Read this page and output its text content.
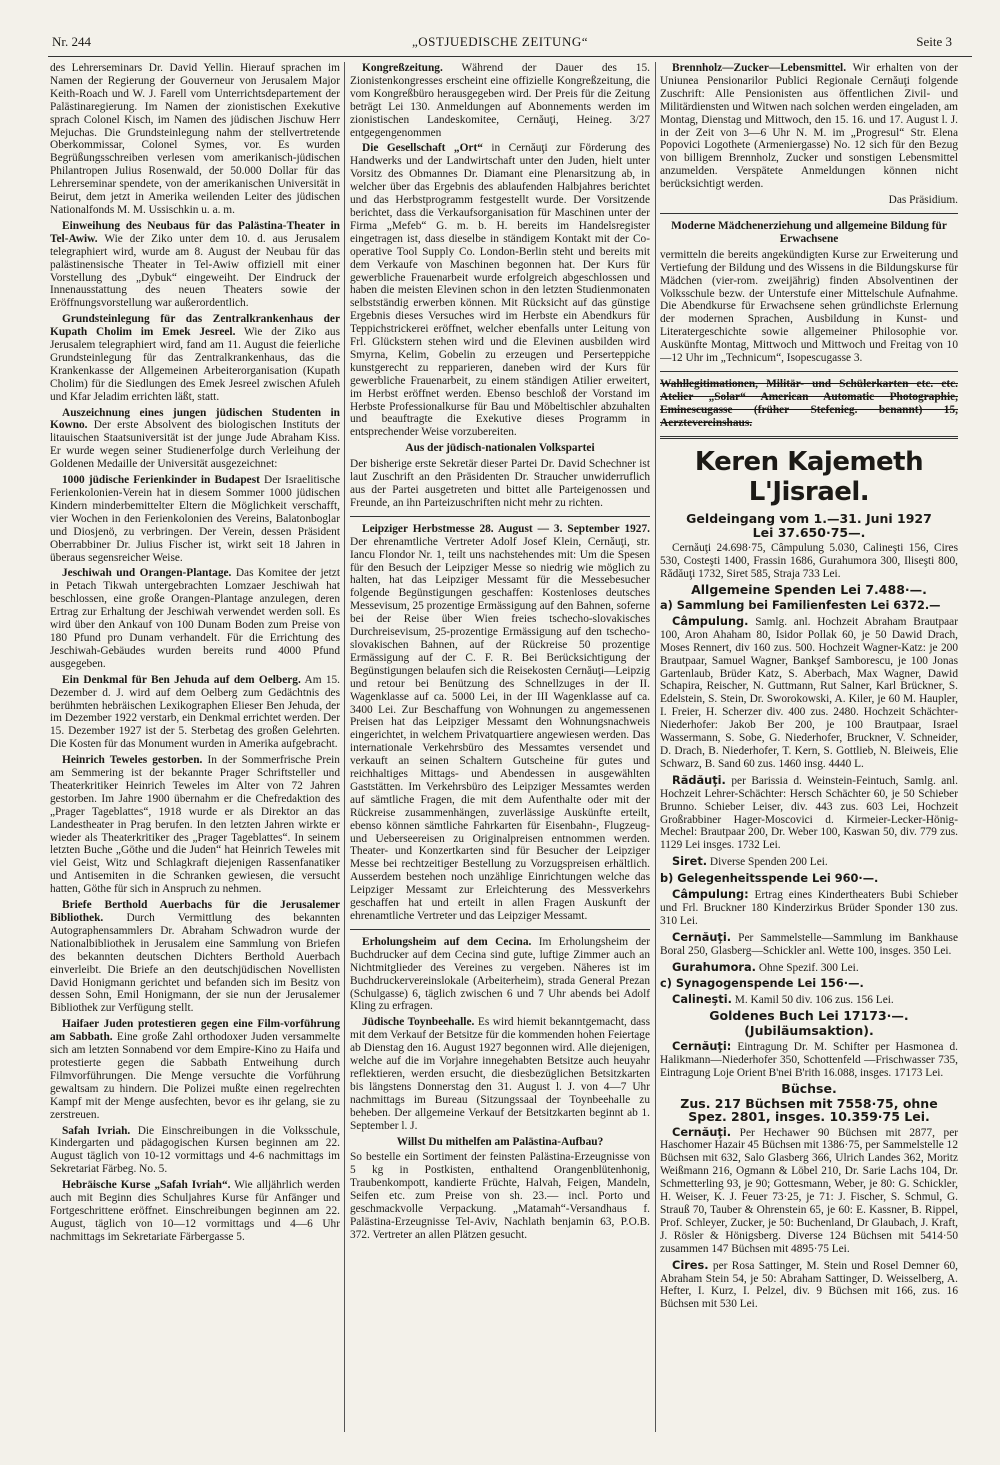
Nr. 244	„OSTJUEDISCHE ZEITUNG“	Seite 3

des Lehrerseminars Dr. David Yellin. Hierauf sprachen im Namen der Regierung der Gouverneur von Jerusalem Major Keith-Roach und W. J. Farell vom Unterrichtsdepartement der Palästinaregierung. Im Namen der zionistischen Exekutive sprach Colonel Kisch, im Namen des jüdischen Jischuw Herr Mejuchas. Die Grundsteinlegung nahm der stellvertretende Oberkommissar, Colonel Symes, vor. Es wurden Begrüßungsschreiben verlesen vom amerikanisch-jüdischen Philantropen Julius Rosenwald, der 50.000 Dollar für das Lehrerseminar spendete, von der amerikanischen Universität in Beirut, dem jetzt in Amerika weilenden Leiter des jüdischen Nationalfonds M. M. Ussischkin u. a. m.

Einweihung des Neubaus für das Palästina-Theater in Tel-Awiw. Wie der Ziko unter dem 10. d. aus Jerusalem telegraphiert wird, wurde am 8. August der Neubau für das palästinensische Theater in Tel-Awiw offiziell mit einer Vorstellung des „Dybuk“ eingeweiht. Der Eindruck der Innenausstattung des neuen Theaters sowie der Eröffnungsvorstellung war außerordentlich.

Grundsteinlegung für das Zentralkrankenhaus der Kupath Cholim im Emek Jesreel. Wie der Ziko aus Jerusalem telegraphiert wird, fand am 11. August die feierliche Grundsteinlegung für das Zentralkrankenhaus, das die Krankenkasse der Allgemeinen Arbeiterorganisation (Kupath Cholim) für die Siedlungen des Emek Jesreel zwischen Afuleh und Kfar Jeladim errichten läßt, statt.

Auszeichnung eines jungen jüdischen Studenten in Kowno. Der erste Absolvent des biologischen Instituts der litauischen Staatsuniversität ist der junge Jude Abraham Kiss. Er wurde wegen seiner Studienerfolge durch Verleihung der Goldenen Medaille der Universität ausgezeichnet:

1000 jüdische Ferienkinder in Budapest Der Israelitische Ferienkolonien-Verein hat in diesem Sommer 1000 jüdischen Kindern minderbemittelter Eltern die Möglichkeit verschafft, vier Wochen in den Ferienkolonien des Vereins, Balatonboglar und Diosjenö, zu verbringen. Der Verein, dessen Präsident Oberrabbiner Dr. Julius Fischer ist, wirkt seit 18 Jahren in überaus segensreicher Weise.

Jeschiwah und Orangen-Plantage. Das Komitee der jetzt in Petach Tikwah untergebrachten Lomzaer Jeschiwah hat beschlossen, eine große Orangen-Plantage anzulegen, deren Ertrag zur Erhaltung der Jeschiwah verwendet werden soll. Es wird über den Ankauf von 100 Dunam Boden zum Preise von 180 Pfund pro Dunam verhandelt. Für die Errichtung des Jeschiwah-Gebäudes wurden bereits rund 4000 Pfund ausgegeben.

Ein Denkmal für Ben Jehuda auf dem Oelberg. Am 15. Dezember d. J. wird auf dem Oelberg zum Gedächtnis des berühmten hebräischen Lexikographen Elieser Ben Jehuda, der im Dezember 1922 verstarb, ein Denkmal errichtet werden. Der 15. Dezember 1927 ist der 5. Sterbetag des großen Gelehrten. Die Kosten für das Monument wurden in Amerika aufgebracht.

Heinrich Teweles gestorben. In der Sommerfrische Prein am Semmering ist der bekannte Prager Schriftsteller und Theaterkritiker Heinrich Teweles im Alter von 72 Jahren gestorben. Im Jahre 1900 übernahm er die Chefredaktion des „Prager Tageblattes“, 1918 wurde er als Direktor an das Landestheater in Prag berufen. In den letzten Jahren wirkte er wieder als Theaterkritiker des „Prager Tageblattes“. In seinem letzten Buche „Göthe und die Juden“ hat Heinrich Teweles mit viel Geist, Witz und Schlagkraft diejenigen Rassenfanatiker und Antisemiten in die Schranken gewiesen, die versucht hatten, Göthe für sich in Anspruch zu nehmen.

Briefe Berthold Auerbachs für die Jerusalemer Bibliothek. Durch Vermittlung des bekannten Autographensammlers Dr. Abraham Schwadron wurde der Nationalbibliothek in Jerusalem eine Sammlung von Briefen des bekannten deutschen Dichters Berthold Auerbach einverleibt. Die Briefe an den deutschjüdischen Novellisten David Honigmann gerichtet und befanden sich im Besitz von dessen Sohn, Emil Honigmann, der sie nun der Jerusalemer Bibliothek zur Verfügung stellt.

Haifaer Juden protestieren gegen eine Film-vorführung am Sabbath. Eine große Zahl orthodoxer Juden versammelte sich am letzten Sonnabend vor dem Empire-Kino zu Haifa und protestierte gegen die Sabbath Entweihung durch Filmvorführungen. Die Menge versuchte die Vorführung gewaltsam zu hindern. Die Polizei mußte einen regelrechten Kampf mit der Menge ausfechten, bevor es ihr gelang, sie zu zerstreuen.

Safah Ivriah. Die Einschreibungen in die Volksschule, Kindergarten und pädagogischen Kursen beginnen am 22. August täglich von 10-12 vormittags und 4-6 nachmittags im Sekretariat Färbeg. No. 5.

Hebräische Kurse „Safah Ivriah“. Wie alljährlich werden auch mit Beginn dies Schuljahres Kurse für Anfänger und Fortgeschrittene eröffnet. Einschreibungen beginnen am 22. August, täglich von 10—12 vormittags und 4—6 Uhr nachmittags im Sekretariate Färbergasse 5.

Kongreßzeitung. Während der Dauer des 15. Zionistenkongresses erscheint eine offizielle Kongreßzeitung, die vom Kongreßbüro herausgegeben wird. Der Preis für die Zeitung beträgt Lei 130. Anmeldungen auf Abonnements werden im zionistischen Landeskomitee, Cernăuţi, Heineg. 3/27 entgegengenommen

Die Gesellschaft „Ort“ in Cernăuţi zur Förderung des Handwerks und der Landwirtschaft unter den Juden, hielt unter Vorsitz des Obmannes Dr. Diamant eine Plenarsitzung ab, in welcher über das Ergebnis des ablaufenden Halbjahres berichtet und das Herbstprogramm festgestellt wurde. Der Vorsitzende berichtet, dass die Verkaufsorganisation für Maschinen unter der Firma „Mefeb“ G. m. b. H. bereits im Handelsregister eingetragen ist, dass dieselbe in ständigem Kontakt mit der Co-operative Tool Supply Co. London-Berlin steht und bereits mit dem Verkaufe von Maschinen begonnen hat. Der Kurs für gewerbliche Frauenarbeit wurde erfolgreich abgeschlossen und haben die meisten Elevinen schon in den letzten Studienmonaten selbstständig erwerben können. Mit Rücksicht auf das günstige Ergebnis dieses Versuches wird im Herbste ein Abendkurs für Teppichstrickerei eröffnet, welcher ebenfalls unter Leitung von Frl. Glückstern stehen wird und die Elevinen ausbilden wird Smyrna, Kelim, Gobelin zu erzeugen und Perserteppiche kunstgerecht zu repparieren, daneben wird der Kurs für gewerbliche Frauenarbeit, zu einem ständigen Atilier erweitert, im Herbst eröffnet werden. Ebenso beschloß der Vorstand im Herbste Professionalkurse für Bau und Möbeltischler abzuhalten und beauftragte die Exekutive dieses Programm in entsprechender Weise vorzubereiten.

Aus der jüdisch-nationalen Volkspartei

Der bisherige erste Sekretär dieser Partei Dr. David Schechner ist laut Zuschrift an den Präsidenten Dr. Straucher unwiderruflich aus der Partei ausgetreten und bittet alle Parteigenossen und Freunde, an ihn Parteizuschriften nicht mehr zu richten.

Leipziger Herbstmesse 28. August — 3. September 1927. Der ehrenamtliche Vertreter Adolf Josef Klein, Cernăuţi, str. Iancu Flondor Nr. 1, teilt uns nachstehendes mit: Um die Spesen für den Besuch der Leipziger Messe so niedrig wie möglich zu halten, hat das Leipziger Messamt für die Messebesucher folgende Begünstigungen geschaffen: Kostenloses deutsches Messevisum, 25 prozentige Ermässigung auf den Bahnen, soferne bei der Reise über Wien freies tschecho-slovakisches Durchreisevisum, 25-prozentige Ermässigung auf den tschecho-slovakischen Bahnen, auf der Rückreise 50 prozentige Ermässigung auf der C. F. R. Bei Berücksichtigung der Begünstigungen belaufen sich die Reisekosten Cernăuţi—Leipzig und retour bei Benützung des Schnellzuges in der II. Wagenklasse auf ca. 5000 Lei, in der III Wagenklasse auf ca. 3400 Lei. Zur Beschaffung von Wohnungen zu angemessenen Preisen hat das Leipziger Messamt den Wohnungsnachweis eingerichtet, in welchem Privatquartiere angewiesen werden. Das internationale Verkehrsbüro des Messamtes versendet und verkauft an seinen Schaltern Gutscheine für gutes und reichhaltiges Mittags- und Abendessen in ausgewählten Gaststätten. Im Verkehrsbüro des Leipziger Messamtes werden auf sämtliche Fragen, die mit dem Aufenthalte oder mit der Rückreise zusammenhängen, zuverlässige Auskünfte erteilt, ebenso können sämtliche Fahrkarten für Eisenbahn-, Flugzeug- und Ueberseereisen zu Originalpreisen entnommen werden. Theater- und Konzertkarten sind für Besucher der Leipziger Messe bei rechtzeitiger Bestellung zu Vorzugspreisen erhältlich. Ausserdem bestehen noch unzählige Einrichtungen welche das Leipziger Messamt zur Erleichterung des Messverkehrs geschaffen hat und erteilt in allen Fragen Auskunft der ehrenamtliche Vertreter und das Leipziger Messamt.

Erholungsheim auf dem Cecina. Im Erholungsheim der Buchdrucker auf dem Cecina sind gute, luftige Zimmer auch an Nichtmitglieder des Vereines zu vergeben. Näheres ist im Buchdruckervereinslokale (Arbeiterheim), strada General Prezan (Schulgasse) 6, täglich zwischen 6 und 7 Uhr abends bei Adolf Kling zu erfragen.

Jüdische Toynbeehalle. Es wird hiemit bekanntgemacht, dass mit dem Verkauf der Betsitze für die kommenden hohen Feiertage ab Dienstag den 16. August 1927 begonnen wird. Alle diejenigen, welche auf die im Vorjahre innegehabten Betsitze auch heuyahr reflektieren, werden ersucht, die diesbezüglichen Betsitzkarten bis längstens Donnerstag den 31. August l. J. von 4—7 Uhr nachmittags im Bureau (Sitzungssaal der Toynbeehalle zu beheben. Der allgemeine Verkauf der Betsitzkarten beginnt ab 1. September l. J.

Willst Du mithelfen am Palästina-Aufbau?

So bestelle ein Sortiment der feinsten Palästina-Erzeugnisse von 5 kg in Postkisten, enthaltend Orangenblütenhonig, Traubenkompott, kandierte Früchte, Halvah, Feigen, Mandeln, Seifen etc. zum Preise von sh. 23.— incl. Porto und geschmackvolle Verpackung. „Matamah“-Versandhaus f. Palästina-Erzeugnisse Tel-Aviv, Nachlath benjamin 63, P.O.B. 372. Vertreter an allen Plätzen gesucht.

Brennholz—Zucker—Lebensmittel. Wir erhalten von der Uniunea Pensionarilor Publici Regionale Cernăuţi folgende Zuschrift: Alle Pensionisten aus öffentlichen Zivil- und Militärdiensten und Witwen nach solchen werden eingeladen, am Montag, Dienstag und Mittwoch, den 15. 16. und 17. August l. J. in der Zeit von 3—6 Uhr N. M. im „Progresul“ Str. Elena Popovici Logothete (Armeniergasse) No. 12 sich für den Bezug von billigem Brennholz, Zucker und sonstigen Lebensmittel anzumelden. Verspätete Anmeldungen können nicht berücksichtigt werden.

Das Präsidium.

Moderne Mädchenerziehung und allgemeine Bildung für Erwachsene

vermitteln die bereits angekündigten Kurse zur Erweiterung und Vertiefung der Bildung und des Wissens in die Bildungskurse für Mädchen (vier-rom. zweijährig) finden Absolventinen der Volksschule bezw. der Unterstufe einer Mittelschule Aufnahme. Die Abendkurse für Erwachsene sehen gründlichste Erlernung der modernen Sprachen, Ausbildung in Kunst- und Literatergeschichte sowie allgemeiner Philosophie vor. Auskünfte Montag, Mittwoch und Mittwoch und Freitag von 10—12 Uhr im „Technicum“, Isopescugasse 3.

Wahllegitimationen, Militär- und Schülerkarten etc. etc. Atelier „Solar“ American Automatic Photographie, Eminescugasse (früher Stefenieg. benannt) 15, Aerztevereinshaus.

Keren Kajemeth L'Jisrael.

Geldeingang vom 1.—31. Juni 1927

Lei 37.650·75—.

Cernăuţi 24.698·75, Câmpulung 5.030, Calineşti 156, Cires 530, Costeşti 1400, Frassin 1686, Gurahumora 300, Iliseşti 800, Rădăuţi 1732, Siret 585, Straja 733 Lei.

Allgemeine Spenden Lei 7.488·—.

a) Sammlung bei Familienfesten Lei 6372.—

Câmpulung. Samlg. anl. Hochzeit Abraham Brautpaar 100, Aron Ahaham 80, Isidor Pollak 60, je 50 Dawid Drach, Moses Rennert, div 160 zus. 500. Hochzeit Wagner-Katz: je 200 Brautpaar, Samuel Wagner, Bankşef Samborescu, je 100 Jonas Gartenlaub, Brüder Katz, S. Aberbach, Max Wagner, Dawid Schapira, Reischer, N. Guttmann, Rut Salner, Karl Brückner, S. Edelstein, S. Stein, Dr. Sworokowski, A. Kiler, je 60 M. Haupler, I. Freier, H. Scherzer div. 400 zus. 2480. Hochzeit Schächter-Niederhofer: Jakob Ber 200, je 100 Brautpaar, Israel Wassermann, S. Sobe, G. Niederhofer, Bruckner, V. Schneider, D. Drach, B. Niederhofer, T. Kern, S. Gottlieb, N. Bleiweis, Elie Schwarz, B. Sand 60 zus. 1460 insg. 4440 L.

Rădăuţi. per Barissia d. Weinstein-Feintuch, Samlg. anl. Hochzeit Lehrer-Schächter: Hersch Schächter 60, je 50 Schieber Brunno. Schieber Leiser, div. 443 zus. 603 Lei, Hochzeit Großrabbiner Hager-Moscovici d. Kirmeier-Lecker-Hönig-Mechel: Brautpaar 200, Dr. Weber 100, Kaswan 50, div. 779 zus. 1129 Lei insges. 1732 Lei.

Siret. Diverse Spenden 200 Lei.

b) Gelegenheitsspende Lei 960·—.

Câmpulung: Ertrag eines Kindertheaters Bubi Schieber und Frl. Bruckner 180 Kinderzirkus Brüder Sponder 130 zus. 310 Lei.

Cernăuţi. Per Sammelstelle—Sammlung im Bankhause Boral 250, Glasberg—Schickler anl. Wette 100, insges. 350 Lei.

Gurahumora. Ohne Spezif. 300 Lei.

c) Synagogenspende Lei 156·—.

Calineşti. M. Kamil 50 div. 106 zus. 156 Lei.

Goldenes Buch Lei 17173·—.

(Jubiläumsaktion).

Cernăuţi: Eintragung Dr. M. Schifter per Hasmonea d. Halikmann—Niederhofer 350, Schottenfeld —Frischwasser 735, Eintragung Loje Orient B'nei B'rith 16.088, insges. 17173 Lei.

Büchse.

Zus. 217 Büchsen mit 7558·75, ohne Spez. 2801, insges. 10.359·75 Lei.

Cernăuţi. Per Hechawer 90 Büchsen mit 2877, per Haschomer Hazair 45 Büchsen mit 1386·75, per Sammelstelle 12 Büchsen mit 632, Salo Glasberg 366, Ulrich Landes 362, Moritz Weißmann 216, Ogmann & Löbel 210, Dr. Sarie Lachs 104, Dr. Schmetterling 93, je 90; Gottesmann, Weber, je 80: G. Schickler, H. Weiser, K. J. Feuer 73·25, je 71: J. Fischer, S. Schmul, G. Strauß 70, Tauber & Ohrenstein 65, je 60: E. Kassner, B. Rippel, Prof. Schleyer, Zucker, je 50: Buchenland, Dr Glaubach, J. Kraft, J. Rösler & Hönigsberg. Diverse 124 Büchsen mit 5414·50 zusammen 147 Büchsen mit 4895·75 Lei.

Cires. per Rosa Sattinger, M. Stein und Rosel Demner 60, Abraham Stein 54, je 50: Abraham Sattinger, D. Weisselberg, A. Hefter, I. Kurz, I. Pelzel, div. 9 Büchsen mit 166, zus. 16 Büchsen mit 530 Lei.
